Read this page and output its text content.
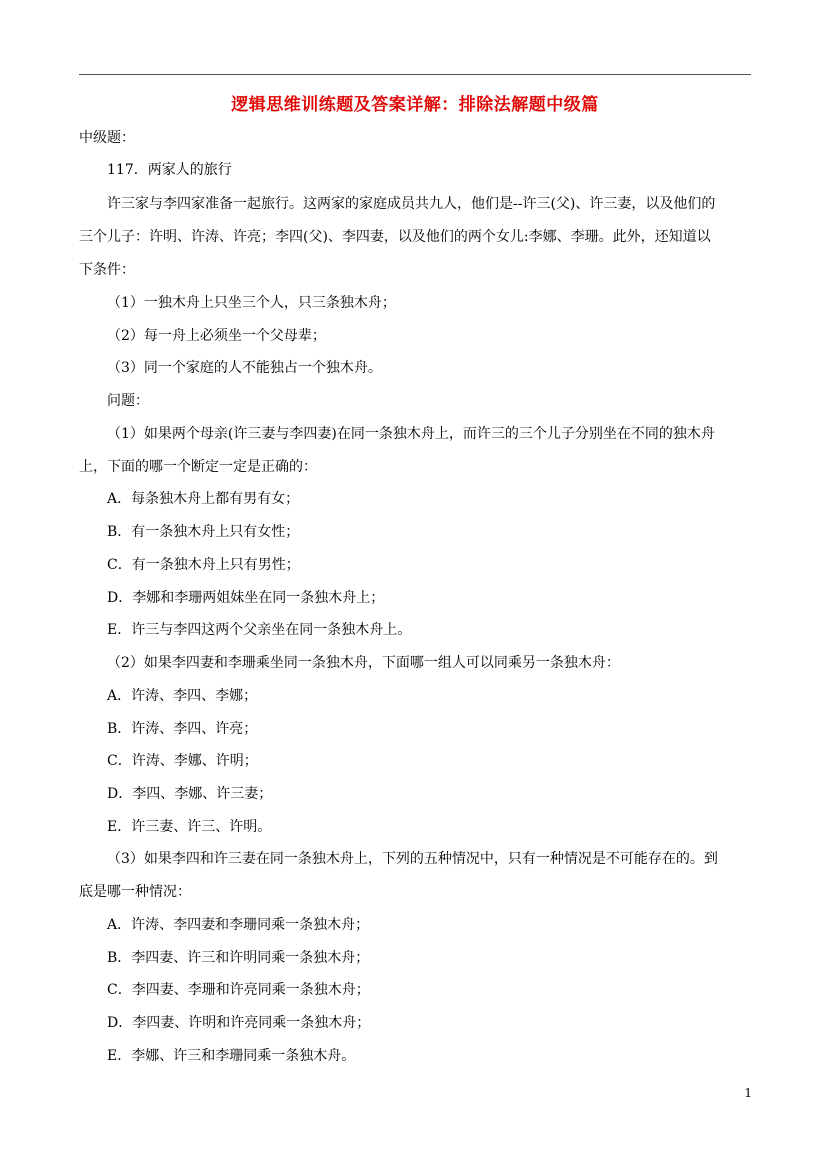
逻辑思维训练题及答案详解：排除法解题中级篇
中级题：
117．两家人的旅行
许三家与李四家准备一起旅行。这两家的家庭成员共九人，他们是--许三(父)、许三妻，以及他们的
三个儿子：许明、许涛、许亮；李四(父)、李四妻，以及他们的两个女儿:李娜、李珊。此外，还知道以
下条件：
（1）一独木舟上只坐三个人，只三条独木舟；
（2）每一舟上必须坐一个父母辈；
（3）同一个家庭的人不能独占一个独木舟。
问题：
（1）如果两个母亲(许三妻与李四妻)在同一条独木舟上，而许三的三个儿子分别坐在不同的独木舟
上，下面的哪一个断定一定是正确的：
A．每条独木舟上都有男有女；
B．有一条独木舟上只有女性；
C．有一条独木舟上只有男性；
D．李娜和李珊两姐妹坐在同一条独木舟上；
E．许三与李四这两个父亲坐在同一条独木舟上。
（2）如果李四妻和李珊乘坐同一条独木舟，下面哪一组人可以同乘另一条独木舟：
A．许涛、李四、李娜；
B．许涛、李四、许亮；
C．许涛、李娜、许明；
D．李四、李娜、许三妻；
E．许三妻、许三、许明。
（3）如果李四和许三妻在同一条独木舟上，下列的五种情况中，只有一种情况是不可能存在的。到
底是哪一种情况：
A．许涛、李四妻和李珊同乘一条独木舟；
B．李四妻、许三和许明同乘一条独木舟；
C．李四妻、李珊和许亮同乘一条独木舟；
D．李四妻、许明和许亮同乘一条独木舟；
E．李娜、许三和李珊同乘一条独木舟。
1
